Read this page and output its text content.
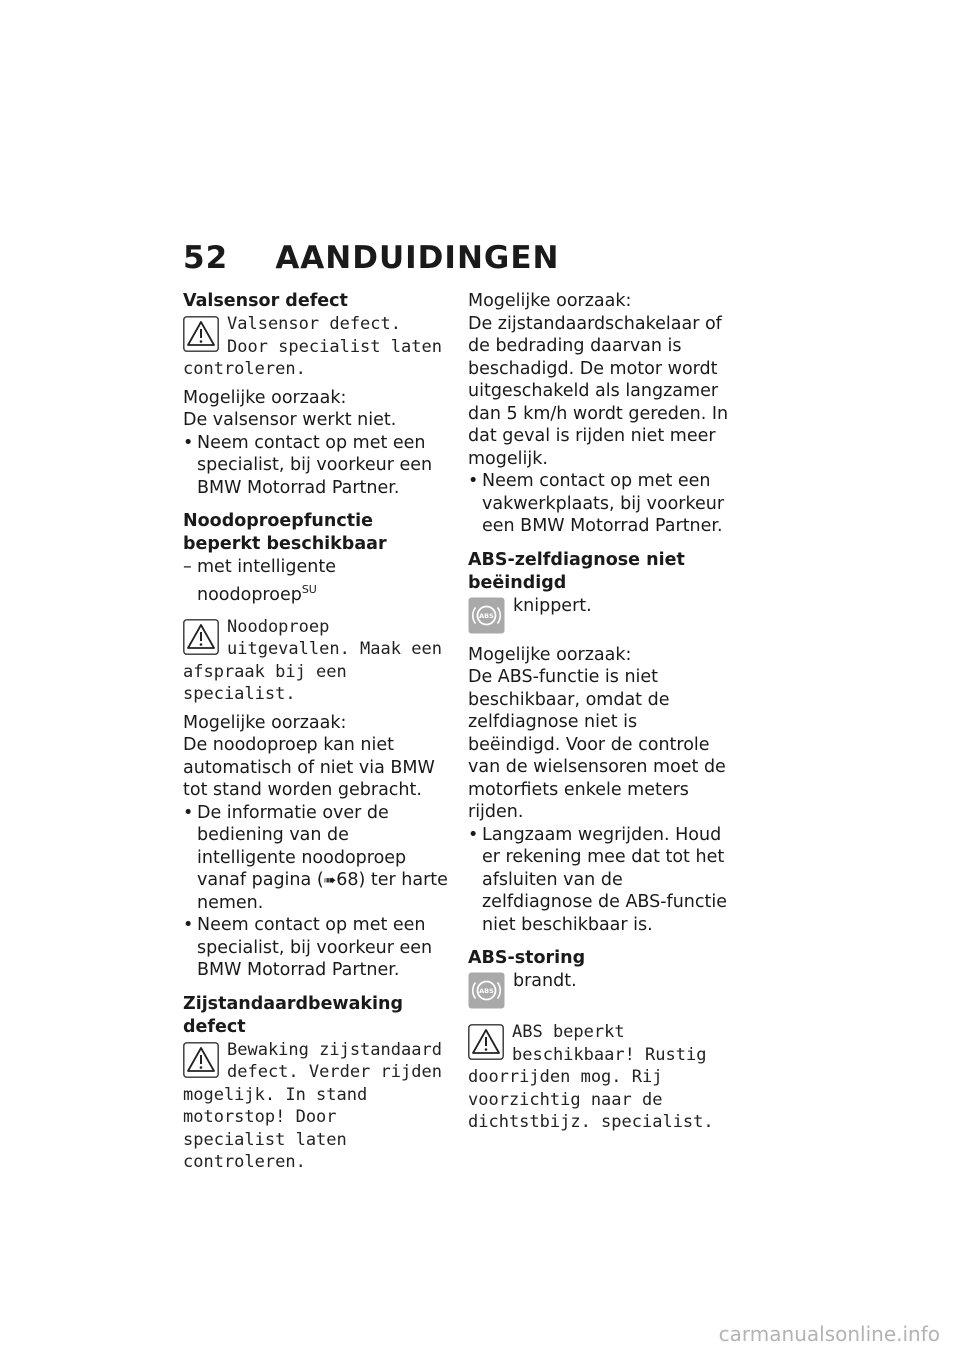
52 AANDUIDINGEN

Valsensor defect

Valsensor defect. Door specialist laten controleren.

Mogelijke oorzaak:

De valsensor werkt niet.

• Neem contact op met een specialist, bij voorkeur een BMW Motorrad Partner.

Noodoproepfunctie beperkt beschikbaar

– met intelligente noodoproep$^{SU}$

Noodoproep uitgevallen. Maak een afspraak bij een specialist.

Mogelijke oorzaak:

De noodoproep kan niet automatisch of niet via BMW tot stand worden gebracht.

• De informatie over de bediening van de intelligente noodoproep vanaf pagina (➠68) ter harte nemen.

• Neem contact op met een specialist, bij voorkeur een BMW Motorrad Partner.

Zijstandaardbewaking defect

Bewaking zijstandaard defect. Verder rijden mogelijk. In stand motorstop! Door specialist laten controleren.

Mogelijke oorzaak:

De zijstandaardschakelaar of de bedrading daarvan is beschadigd. De motor wordt uitgeschakeld als langzamer dan 5 km/h wordt gereden. In dat geval is rijden niet meer mogelijk.

• Neem contact op met een vakwerkplaats, bij voorkeur een BMW Motorrad Partner.

ABS-zelfdiagnose niet beëindigd

ABS	knippert.

Mogelijke oorzaak:

De ABS-functie is niet beschikbaar, omdat de zelfdiagnose niet is beëindigd. Voor de controle van de wielsensoren moet de motorfiets enkele meters rijden.

• Langzaam wegrijden. Houd er rekening mee dat tot het afsluiten van de zelfdiagnose de ABS-functie niet beschikbaar is.

ABS-storing

ABS	brandt.
ABS beperkt beschikbaar! Rustig doorrijden mog. Rij voorzichtig naar de dichtstbijz. specialist.
carmanualsonline.info
